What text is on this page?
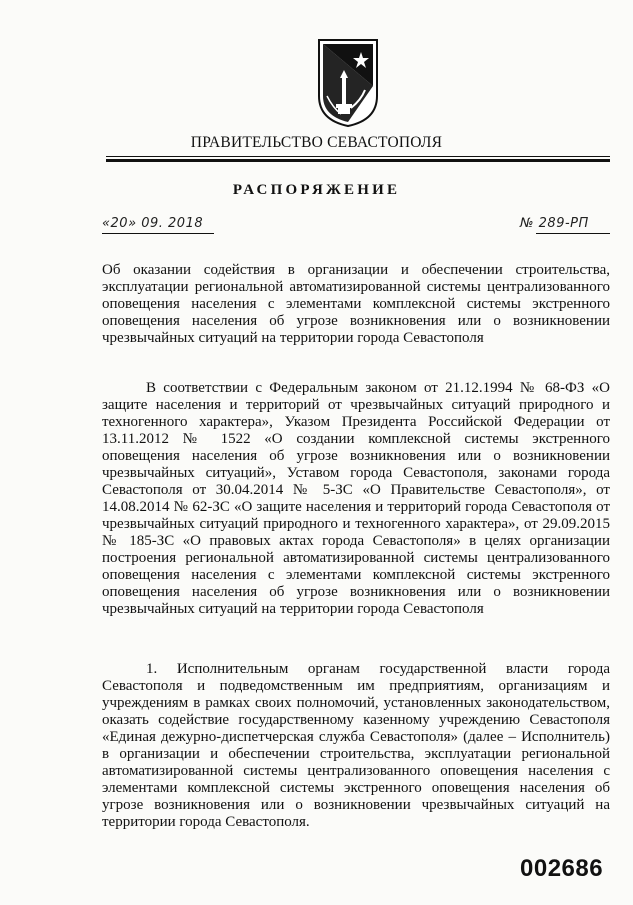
ПРАВИТЕЛЬСТВО СЕВАСТОПОЛЯ
РАСПОРЯЖЕНИЕ
«20» 09. 2018	№ 289-РП
Об оказании содействия в организации и обеспечении строительства, эксплуатации региональной автоматизированной системы централизованного оповещения населения с элементами комплексной системы экстренного оповещения населения об угрозе возникновения или о возникновении чрезвычайных ситуаций на территории города Севастополя
В соответствии с Федеральным законом от 21.12.1994 № 68-ФЗ «О защите населения и территорий от чрезвычайных ситуаций природного и техногенного характера», Указом Президента Российской Федерации от 13.11.2012 № 1522 «О создании комплексной системы экстренного оповещения населения об угрозе возникновения или о возникновении чрезвычайных ситуаций», Уставом города Севастополя, законами города Севастополя от 30.04.2014 № 5-ЗС «О Правительстве Севастополя», от 14.08.2014 № 62-ЗС «О защите населения и территорий города Севастополя от чрезвычайных ситуаций природного и техногенного характера», от 29.09.2015 № 185-ЗС «О правовых актах города Севастополя» в целях организации построения региональной автоматизированной системы централизованного оповещения населения с элементами комплексной системы экстренного оповещения населения об угрозе возникновения или о возникновении чрезвычайных ситуаций на территории города Севастополя
1. Исполнительным органам государственной власти города Севастополя и подведомственным им предприятиям, организациям и учреждениям в рамках своих полномочий, установленных законодательством, оказать содействие государственному казенному учреждению Севастополя «Единая дежурно-диспетчерская служба Севастополя» (далее – Исполнитель) в организации и обеспечении строительства, эксплуатации региональной автоматизированной системы централизованного оповещения населения с элементами комплексной системы экстренного оповещения населения об угрозе возникновения или о возникновении чрезвычайных ситуаций на территории города Севастополя.
002686
